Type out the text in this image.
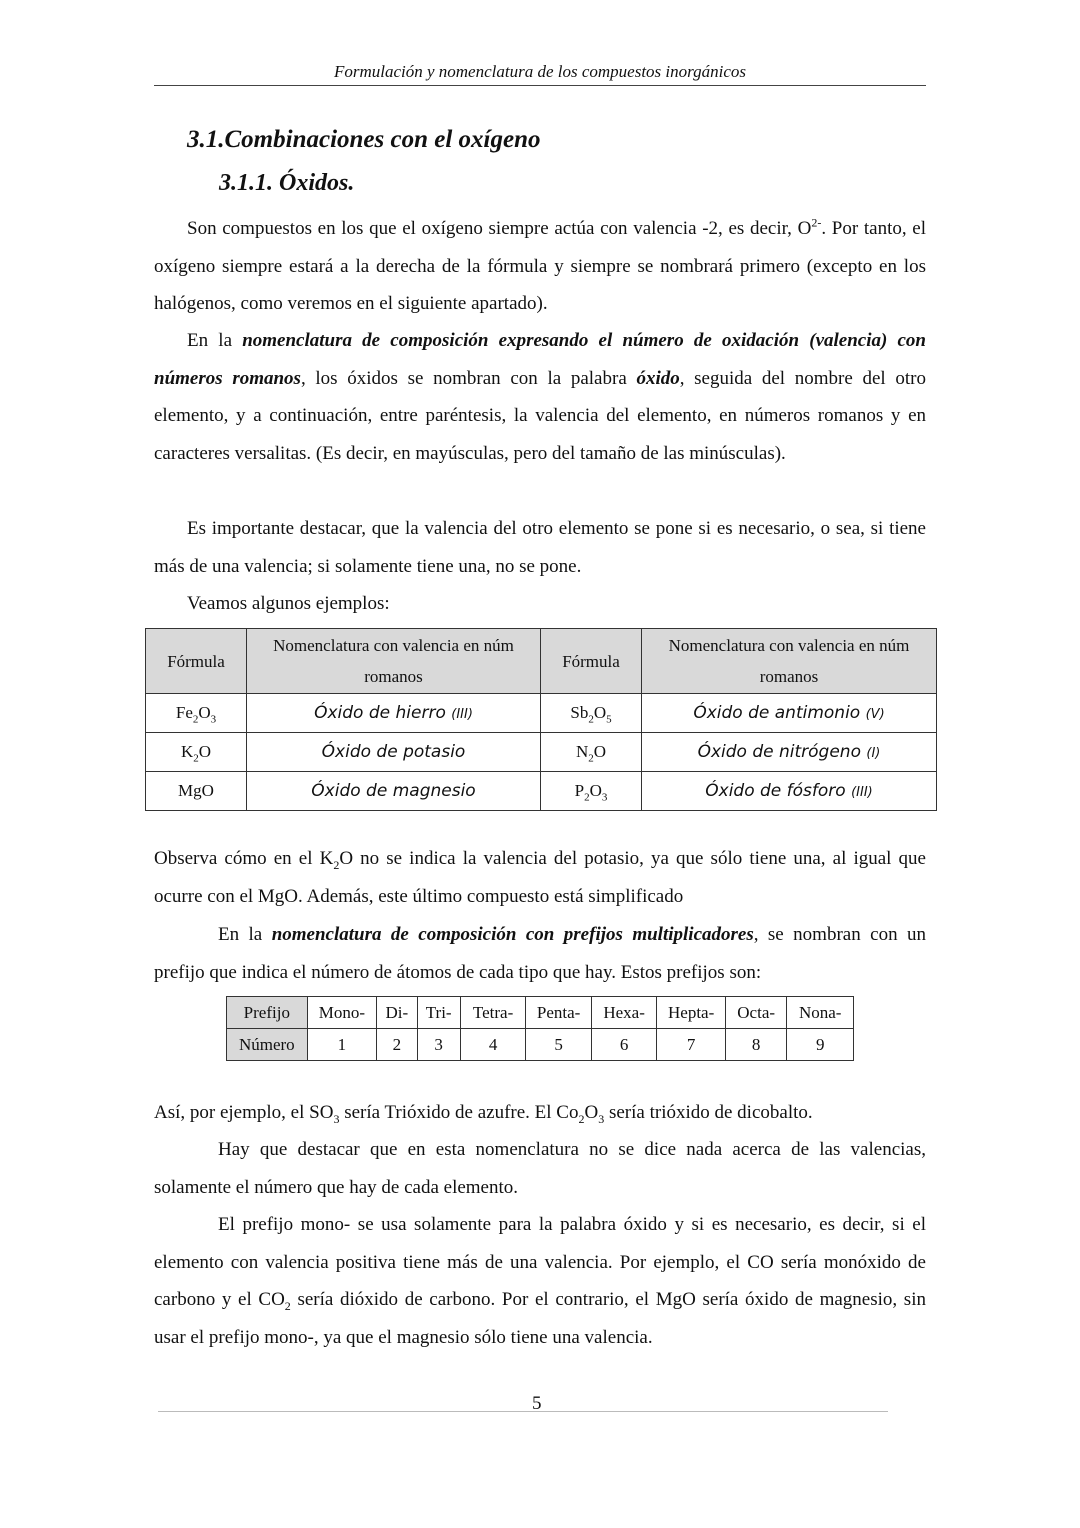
Formulación y nomenclatura de los compuestos inorgánicos
3.1.Combinaciones con el oxígeno
3.1.1. Óxidos.

Son compuestos en los que el oxígeno siempre actúa con valencia -2, es decir, $O^{2-}$. Por tanto, el oxígeno siempre estará a la derecha de la fórmula y siempre se nombrará primero (excepto en los halógenos, como veremos en el siguiente apartado).

En la nomenclatura de composición expresando el número de oxidación (valencia) con números romanos, los óxidos se nombran con la palabra óxido, seguida del nombre del otro elemento, y a continuación, entre paréntesis, la valencia del elemento, en números romanos y en caracteres versalitas. (Es decir, en mayúsculas, pero del tamaño de las minúsculas).

Es importante destacar, que la valencia del otro elemento se pone si es necesario, o sea, si tiene más de una valencia; si solamente tiene una, no se pone.

Veamos algunos ejemplos:

Fórmula	Nomenclatura con valencia en núm romanos	Fórmula	Nomenclatura con valencia en núm romanos
$Fe_2O_3$	Óxido de hierro (III)	$Sb_2O_5$	Óxido de antimonio (V)
$K_2O$	Óxido de potasio	$N_2O$	Óxido de nitrógeno (I)
MgO	Óxido de magnesio	$P_2O_3$	Óxido de fósforo (III)

Observa cómo en el $K_2O$ no se indica la valencia del potasio, ya que sólo tiene una, al igual que ocurre con el MgO. Además, este último compuesto está simplificado

En la nomenclatura de composición con prefijos multiplicadores, se nombran con un prefijo que indica el número de átomos de cada tipo que hay. Estos prefijos son:

Prefijo	Mono-	Di-	Tri-	Tetra-	Penta-	Hexa-	Hepta-	Octa-	Nona-
Número	1	2	3	4	5	6	7	8	9

Así, por ejemplo, el $SO_3$ sería Trióxido de azufre. El $Co_2O_3$ sería trióxido de dicobalto.

Hay que destacar que en esta nomenclatura no se dice nada acerca de las valencias, solamente el número que hay de cada elemento.

El prefijo mono- se usa solamente para la palabra óxido y si es necesario, es decir, si el elemento con valencia positiva tiene más de una valencia. Por ejemplo, el CO sería monóxido de carbono y el $CO_2$ sería dióxido de carbono. Por el contrario, el MgO sería óxido de magnesio, sin usar el prefijo mono-, ya que el magnesio sólo tiene una valencia.

5
